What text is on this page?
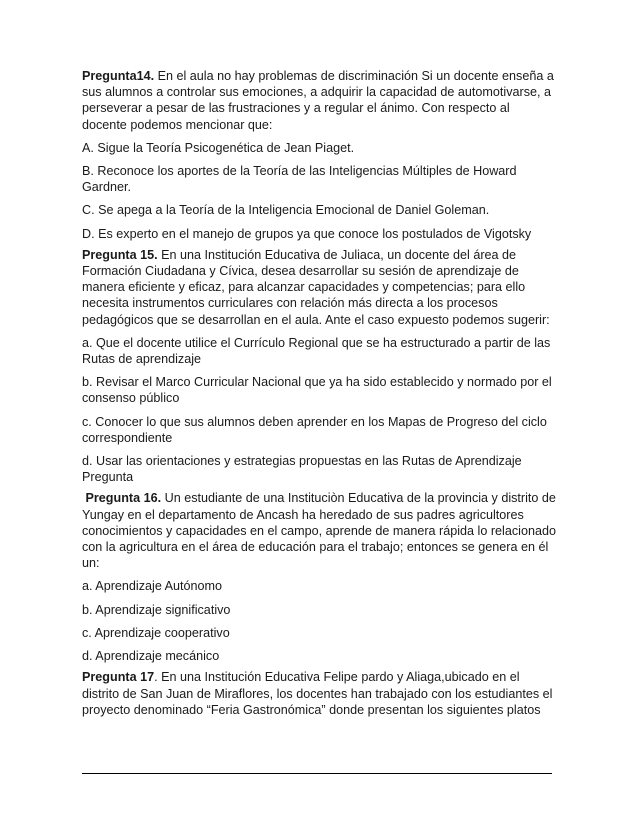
Pregunta14. En el aula no hay problemas de discriminación Si un docente enseña a sus alumnos a controlar sus emociones, a adquirir la capacidad de automotivarse, a perseverar a pesar de las frustraciones y a regular el ánimo. Con respecto al docente podemos mencionar que:

A. Sigue la Teoría Psicogenética de Jean Piaget.

B. Reconoce los aportes de la Teoría de las Inteligencias Múltiples de Howard Gardner.

C. Se apega a la Teoría de la Inteligencia Emocional de Daniel Goleman.

D. Es experto en el manejo de grupos ya que conoce los postulados de Vigotsky

Pregunta 15. En una Institución Educativa de Juliaca, un docente del área de Formación Ciudadana y Cívica, desea desarrollar su sesión de aprendizaje de manera eficiente y eficaz, para alcanzar capacidades y competencias; para ello necesita instrumentos curriculares con relación más directa a los procesos pedagógicos que se desarrollan en el aula. Ante el caso expuesto podemos sugerir:

a. Que el docente utilice el Currículo Regional que se ha estructurado a partir de las Rutas de aprendizaje

b. Revisar el Marco Curricular Nacional que ya ha sido establecido y normado por el consenso público

c. Conocer lo que sus alumnos deben aprender en los Mapas de Progreso del ciclo correspondiente

d. Usar las orientaciones y estrategias propuestas en las Rutas de Aprendizaje
Pregunta

Pregunta 16. Un estudiante de una Instituciòn Educativa de la provincia y distrito de Yungay en el departamento de Ancash ha heredado de sus padres agricultores conocimientos y capacidades en el campo, aprende de manera rápida lo relacionado con la agricultura en el área de educación para el trabajo; entonces se genera en él un:

a. Aprendizaje Autónomo

b. Aprendizaje significativo

c. Aprendizaje cooperativo

d. Aprendizaje mecánico

Pregunta 17. En una Institución Educativa Felipe pardo y Aliaga,ubicado en el distrito de San Juan de Miraflores, los docentes han trabajado con los estudiantes el proyecto denominado “Feria Gastronómica” donde presentan los siguientes platos
